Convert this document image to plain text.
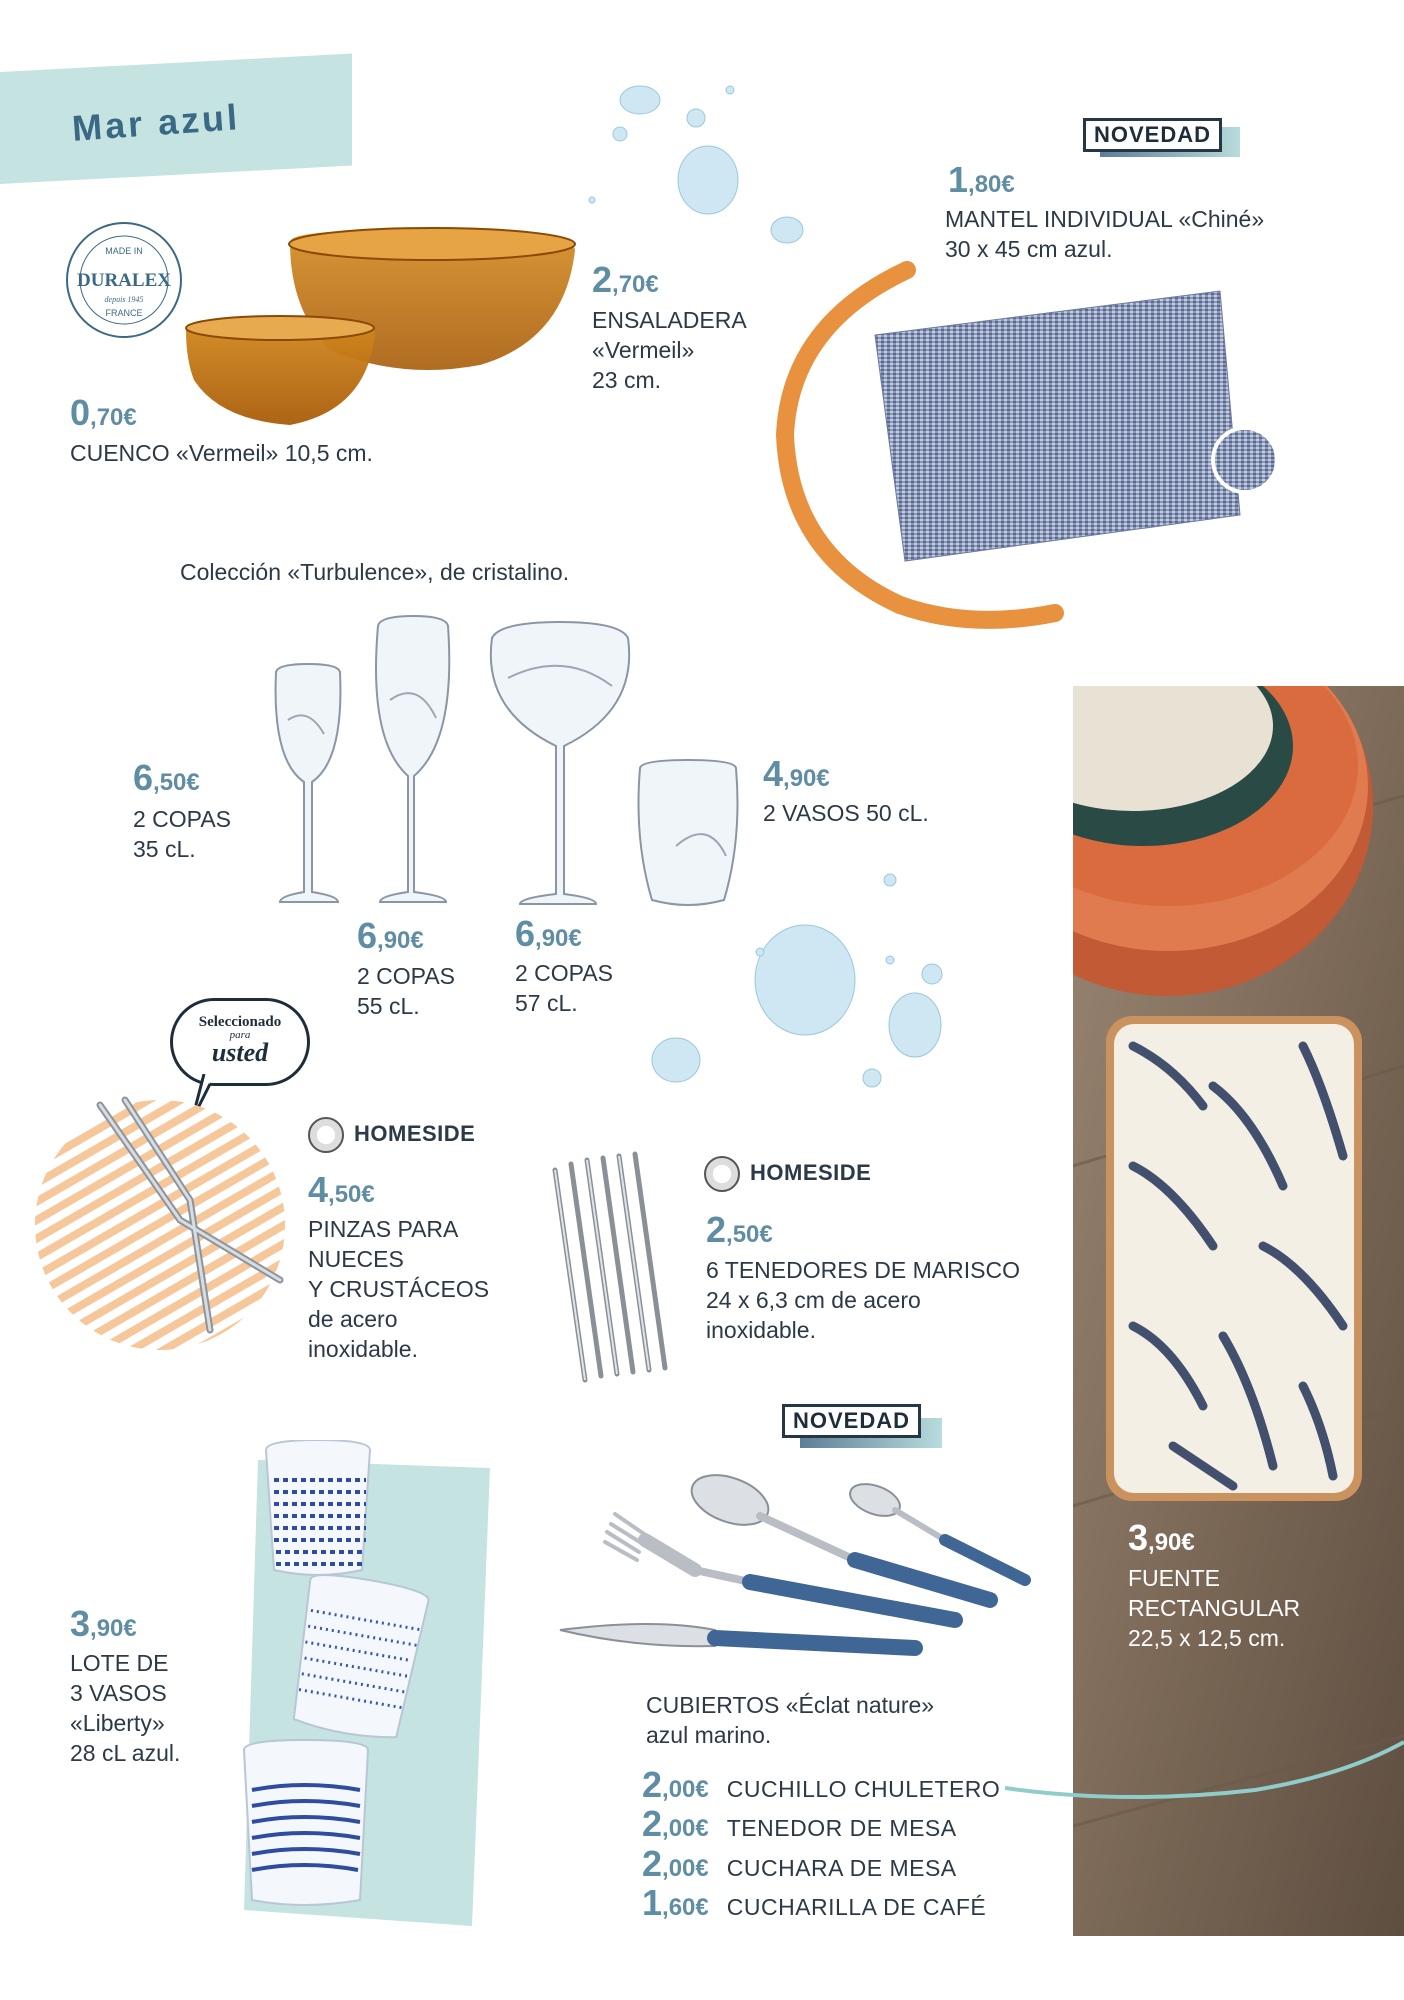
Mar azul
DURALEX
MADE IN
depuis 1945
FRANCE
0,70€
CUENCO «Vermeil» 10,5 cm.
2,70€
ENSALADERA
«Vermeil»
23 cm.
NOVEDAD
1,80€
MANTEL INDIVIDUAL «Chiné»
30 x 45 cm azul.
Colección «Turbulence», de cristalino.
6,50€
2 COPAS
35 cL.
4,90€
2 VASOS 50 cL.
6,90€
2 COPAS
55 cL.
6,90€
2 COPAS
57 cL.
Seleccionado
para
usted
HOMESIDE
4,50€
PINZAS PARA
NUECES
Y CRUSTÁCEOS
de acero
inoxidable.
HOMESIDE
2,50€
6 TENEDORES DE MARISCO
24 x 6,3 cm de acero
inoxidable.
3,90€
FUENTE
RECTANGULAR
22,5 x 12,5 cm.
3,90€
LOTE DE
3 VASOS
«Liberty»
28 cL azul.
NOVEDAD
CUBIERTOS «Éclat nature»
azul marino.
2,00€ CUCHILLO CHULETERO
2,00€ TENEDOR DE MESA
2,00€ CUCHARA DE MESA
1,60€ CUCHARILLA DE CAFÉ
